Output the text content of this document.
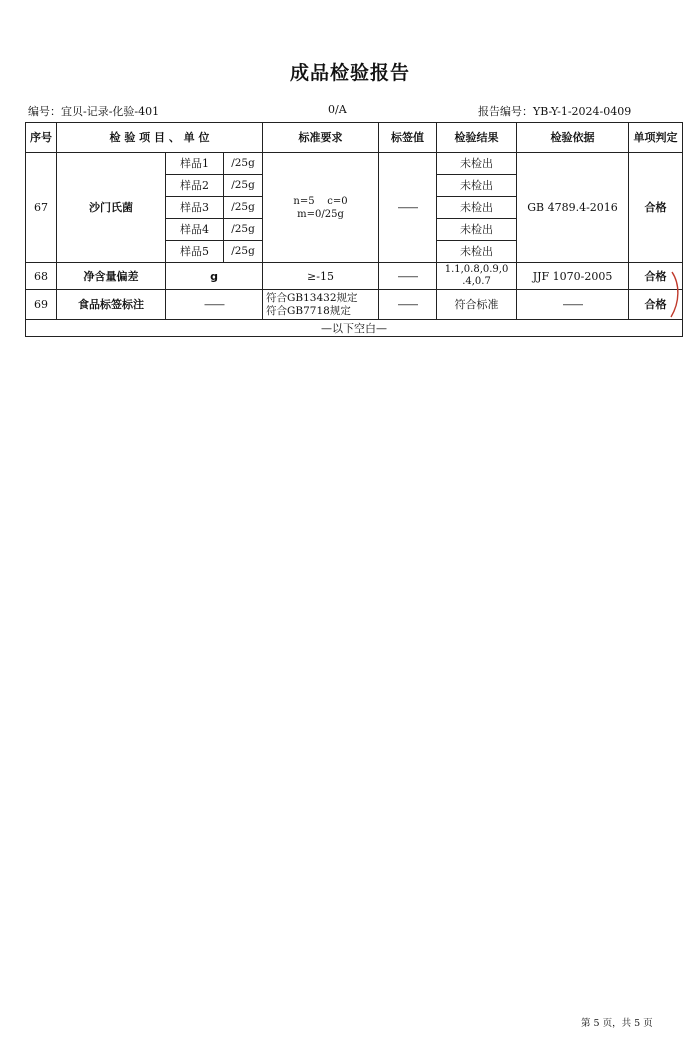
成品检验报告
编号：宜贝-记录-化验-401	0/A	报告编号：YB-Y-1-2024-0409
序号	检 验 项 目 、 单 位			标准要求	标签值	检验结果	检验依据	单项判定
67	沙门氏菌	样品1	/25g	n=5    c=0
m=0/25g	——	未检出	GB 4789.4-2016	合格
		样品2	/25g			未检出		
		样品3	/25g			未检出		
		样品4	/25g			未检出		
		样品5	/25g			未检出		
68	净含量偏差	g		≥-15	——	1.1,0.8,0.9,0
.4,0.7	JJF 1070-2005	合格
69	食品标签标注	——		符合GB13432规定
符合GB7718规定	——	符合标准	——	合格
—以下空白—								
第 5 页，共 5 页
